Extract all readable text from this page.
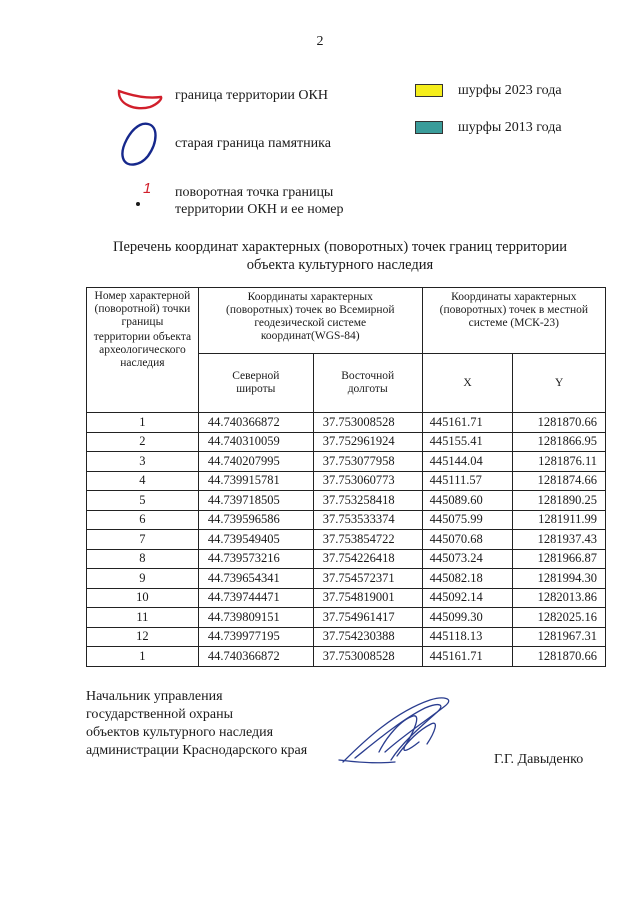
2
граница территории ОКН
старая граница памятника
1 поворотная точка границы
территории ОКН и ее номер
шурфы 2023 года
шурфы 2013 года
Перечень координат характерных (поворотных) точек границ территории
объекта культурного наследия
Номер характерной (поворотной) точки границы
территории объекта археологического наследия	Координаты характерных (поворотных) точек во Всемирной геодезической системе координат(WGS-84)		Координаты характерных (поворотных) точек в местной системе (МСК-23)	
	Северной широты	Восточной долготы	X	Y
1	44.740366872	37.753008528	445161.71	1281870.66
2	44.740310059	37.752961924	445155.41	1281866.95
3	44.740207995	37.753077958	445144.04	1281876.11
4	44.739915781	37.753060773	445111.57	1281874.66
5	44.739718505	37.753258418	445089.60	1281890.25
6	44.739596586	37.753533374	445075.99	1281911.99
7	44.739549405	37.753854722	445070.68	1281937.43
8	44.739573216	37.754226418	445073.24	1281966.87
9	44.739654341	37.754572371	445082.18	1281994.30
10	44.739744471	37.754819001	445092.14	1282013.86
11	44.739809151	37.754961417	445099.30	1282025.16
12	44.739977195	37.754230388	445118.13	1281967.31
1	44.740366872	37.753008528	445161.71	1281870.66
Начальник управления
государственной охраны
объектов культурного наследия
администрации Краснодарского края
Г.Г. Давыденко
